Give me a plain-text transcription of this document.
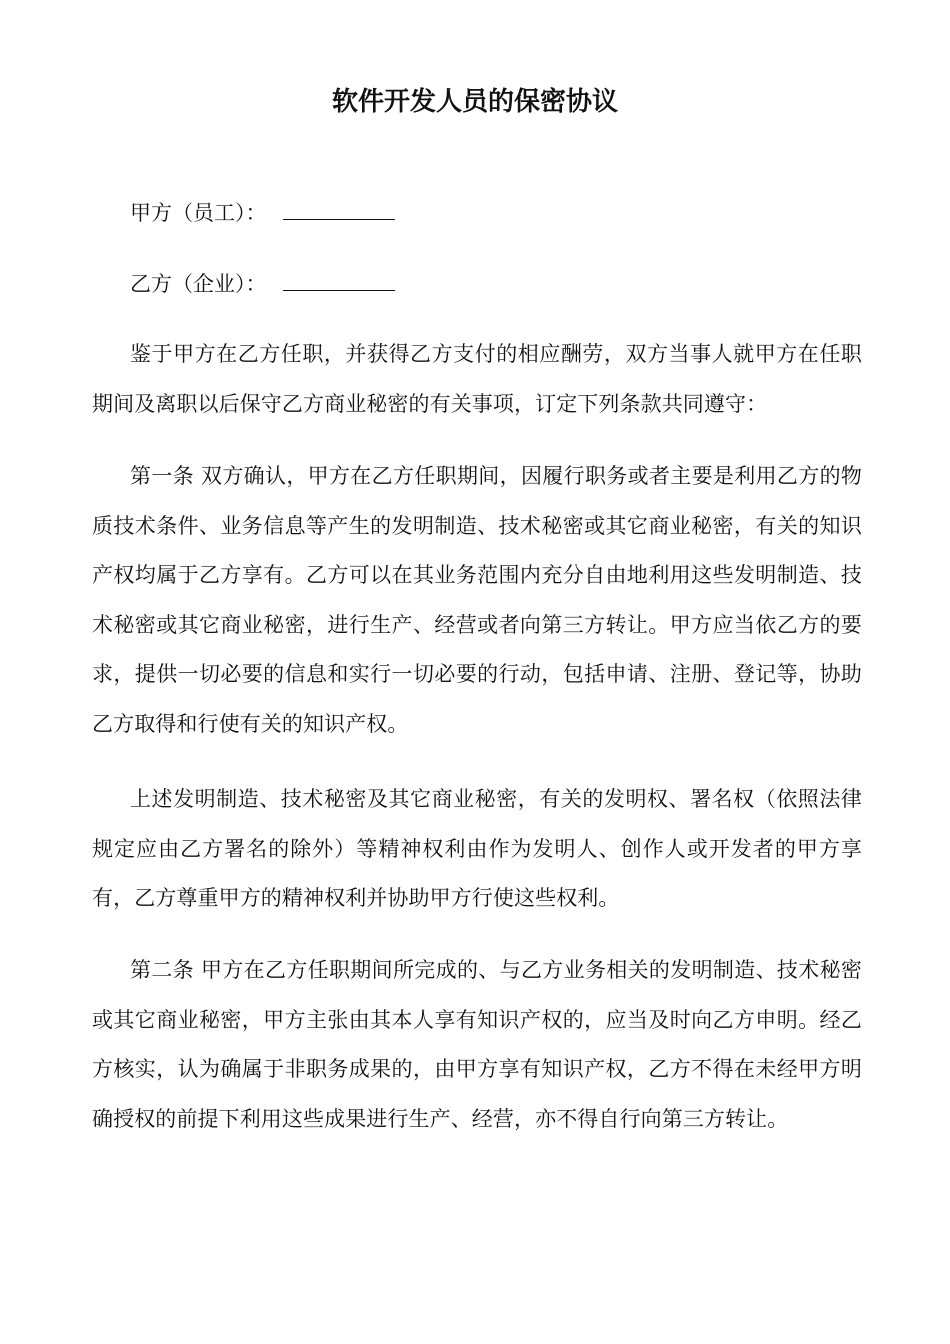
软件开发人员的保密协议
甲方（员工）：
乙方（企业）：

鉴于甲方在乙方任职，并获得乙方支付的相应酬劳，双方当事人就甲方在任职期间及离职以后保守乙方商业秘密的有关事项，订定下列条款共同遵守：

第一条 双方确认，甲方在乙方任职期间，因履行职务或者主要是利用乙方的物质技术条件、业务信息等产生的发明制造、技术秘密或其它商业秘密，有关的知识产权均属于乙方享有。乙方可以在其业务范围内充分自由地利用这些发明制造、技术秘密或其它商业秘密，进行生产、经营或者向第三方转让。甲方应当依乙方的要求，提供一切必要的信息和实行一切必要的行动，包括申请、注册、登记等，协助乙方取得和行使有关的知识产权。

上述发明制造、技术秘密及其它商业秘密，有关的发明权、署名权（依照法律规定应由乙方署名的除外）等精神权利由作为发明人、创作人或开发者的甲方享有，乙方尊重甲方的精神权利并协助甲方行使这些权利。

第二条 甲方在乙方任职期间所完成的、与乙方业务相关的发明制造、技术秘密或其它商业秘密，甲方主张由其本人享有知识产权的，应当及时向乙方申明。经乙方核实，认为确属于非职务成果的，由甲方享有知识产权，乙方不得在未经甲方明确授权的前提下利用这些成果进行生产、经营，亦不得自行向第三方转让。
